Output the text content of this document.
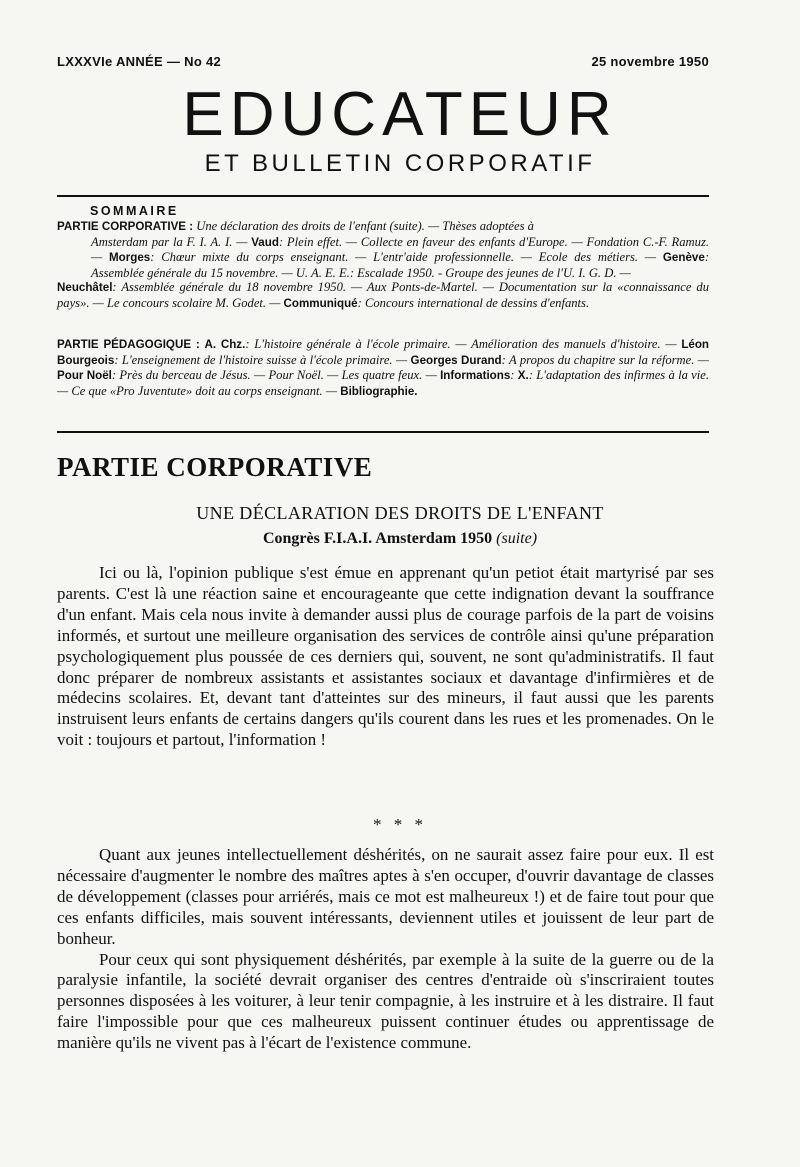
LXXXVIe ANNÉE — No 42	25 novembre 1950
EDUCATEUR
ET BULLETIN CORPORATIF
SOMMAIRE
PARTIE CORPORATIVE : Une déclaration des droits de l'enfant (suite). — Thèses adoptées à
Amsterdam par la F. I. A. I. — Vaud: Plein effet. — Collecte en faveur des enfants d'Europe. — Fondation C.-F. Ramuz. — Morges: Chœur mixte du corps enseignant. — L'entr'aide professionnelle. — Ecole des métiers. — Genève: Assemblée générale du 15 novembre. — U. A. E. E.: Escalade 1950. - Groupe des jeunes de l'U. I. G. D. —
Neuchâtel: Assemblée générale du 18 novembre 1950. — Aux Ponts-de-Martel. — Documentation sur la «connaissance du pays». — Le concours scolaire M. Godet. — Communiqué: Concours international de dessins d'enfants.
PARTIE PÉDAGOGIQUE : A. Chz.: L'histoire générale à l'école primaire. — Amélioration des manuels d'histoire. — Léon Bourgeois: L'enseignement de l'histoire suisse à l'école primaire. — Georges Durand: A propos du chapitre sur la réforme. — Pour Noël: Près du berceau de Jésus. — Pour Noël. — Les quatre feux. — Informations: X.: L'adaptation des infirmes à la vie. — Ce que «Pro Juventute» doit au corps enseignant. — Bibliographie.
PARTIE CORPORATIVE
UNE DÉCLARATION DES DROITS DE L'ENFANT
Congrès F.I.A.I. Amsterdam 1950 (suite)

Ici ou là, l'opinion publique s'est émue en apprenant qu'un petiot était martyrisé par ses parents. C'est là une réaction saine et encourageante que cette indignation devant la souffrance d'un enfant. Mais cela nous invite à demander aussi plus de courage parfois de la part de voisins informés, et surtout une meilleure organisation des services de contrôle ainsi qu'une préparation psychologiquement plus poussée de ces derniers qui, souvent, ne sont qu'administratifs. Il faut donc préparer de nombreux assistants et assistantes sociaux et davantage d'infirmières et de médecins scolaires. Et, devant tant d'atteintes sur des mineurs, il faut aussi que les parents instruisent leurs enfants de certains dangers qu'ils courent dans les rues et les promenades. On le voit : toujours et partout, l'information !

* * *

Quant aux jeunes intellectuellement déshérités, on ne saurait assez faire pour eux. Il est nécessaire d'augmenter le nombre des maîtres aptes à s'en occuper, d'ouvrir davantage de classes de développement (classes pour arriérés, mais ce mot est malheureux !) et de faire tout pour que ces enfants difficiles, mais souvent intéressants, deviennent utiles et jouissent de leur part de bonheur.

Pour ceux qui sont physiquement déshérités, par exemple à la suite de la guerre ou de la paralysie infantile, la société devrait organiser des centres d'entraide où s'inscriraient toutes personnes disposées à les voiturer, à leur tenir compagnie, à les instruire et à les distraire. Il faut faire l'impossible pour que ces malheureux puissent continuer études ou apprentissage de manière qu'ils ne vivent pas à l'écart de l'existence commune.
